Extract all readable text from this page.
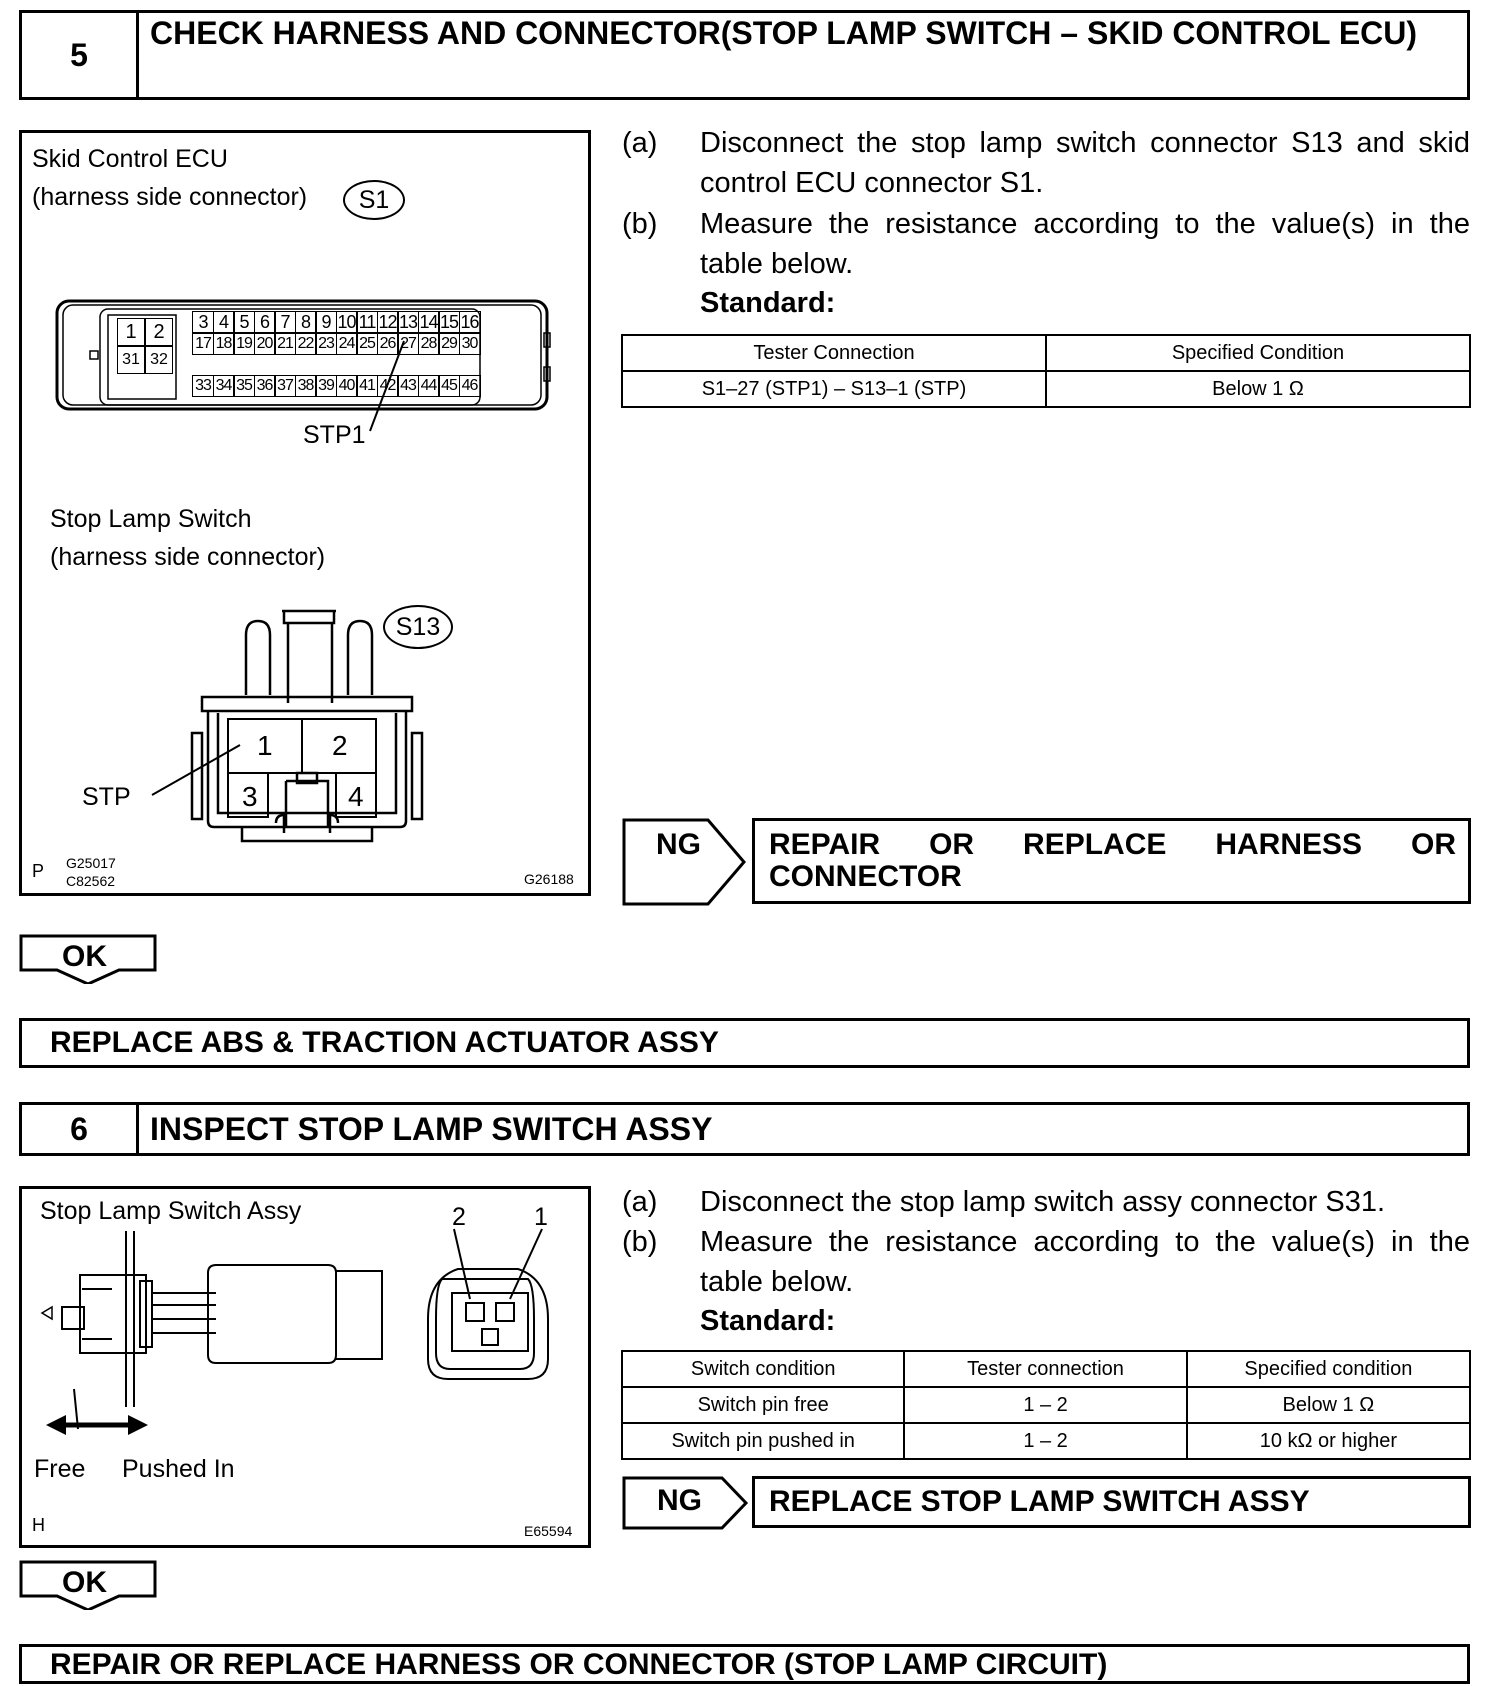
5
CHECK HARNESS AND CONNECTOR(STOP LAMP SWITCH – SKID CONTROL ECU)
Skid Control ECU
(harness side connector) S1
1 2
31 32
3 4 5 6 7 8 9 10 11 12 13 14 15 16
17 18 19 20 21 22 23 24 25 26 27 28 29 30
33 34 35 36 37 38 39 40 41 42 43 44 45 46
STP1
Stop Lamp Switch
(harness side connector)
S13
1 2
3	4
STP
P G25017
C82562	G26188
(a) Disconnect the stop lamp switch connector S13 and skid control ECU connector S1.
(b) Measure the resistance according to the value(s) in the table below.
Standard:
Tester Connection	Specified Condition
S1–27 (STP1) – S13–1 (STP)	Below 1 Ω
NG REPAIR OR REPLACE HARNESS OR CONNECTOR
OK
REPLACE ABS & TRACTION ACTUATOR ASSY
6	INSPECT STOP LAMP SWITCH ASSY
Stop Lamp Switch Assy	2	1
Free Pushed In
H	E65594
(a) Disconnect the stop lamp switch assy connector S31.
(b) Measure the resistance according to the value(s) in the table below.
Standard:
Switch condition	Tester connection	Specified condition
Switch pin free	1 – 2	Below 1 Ω
Switch pin pushed in	1 – 2	10 kΩ or higher
NG	REPLACE STOP LAMP SWITCH ASSY
OK
REPAIR OR REPLACE HARNESS OR CONNECTOR (STOP LAMP CIRCUIT)
